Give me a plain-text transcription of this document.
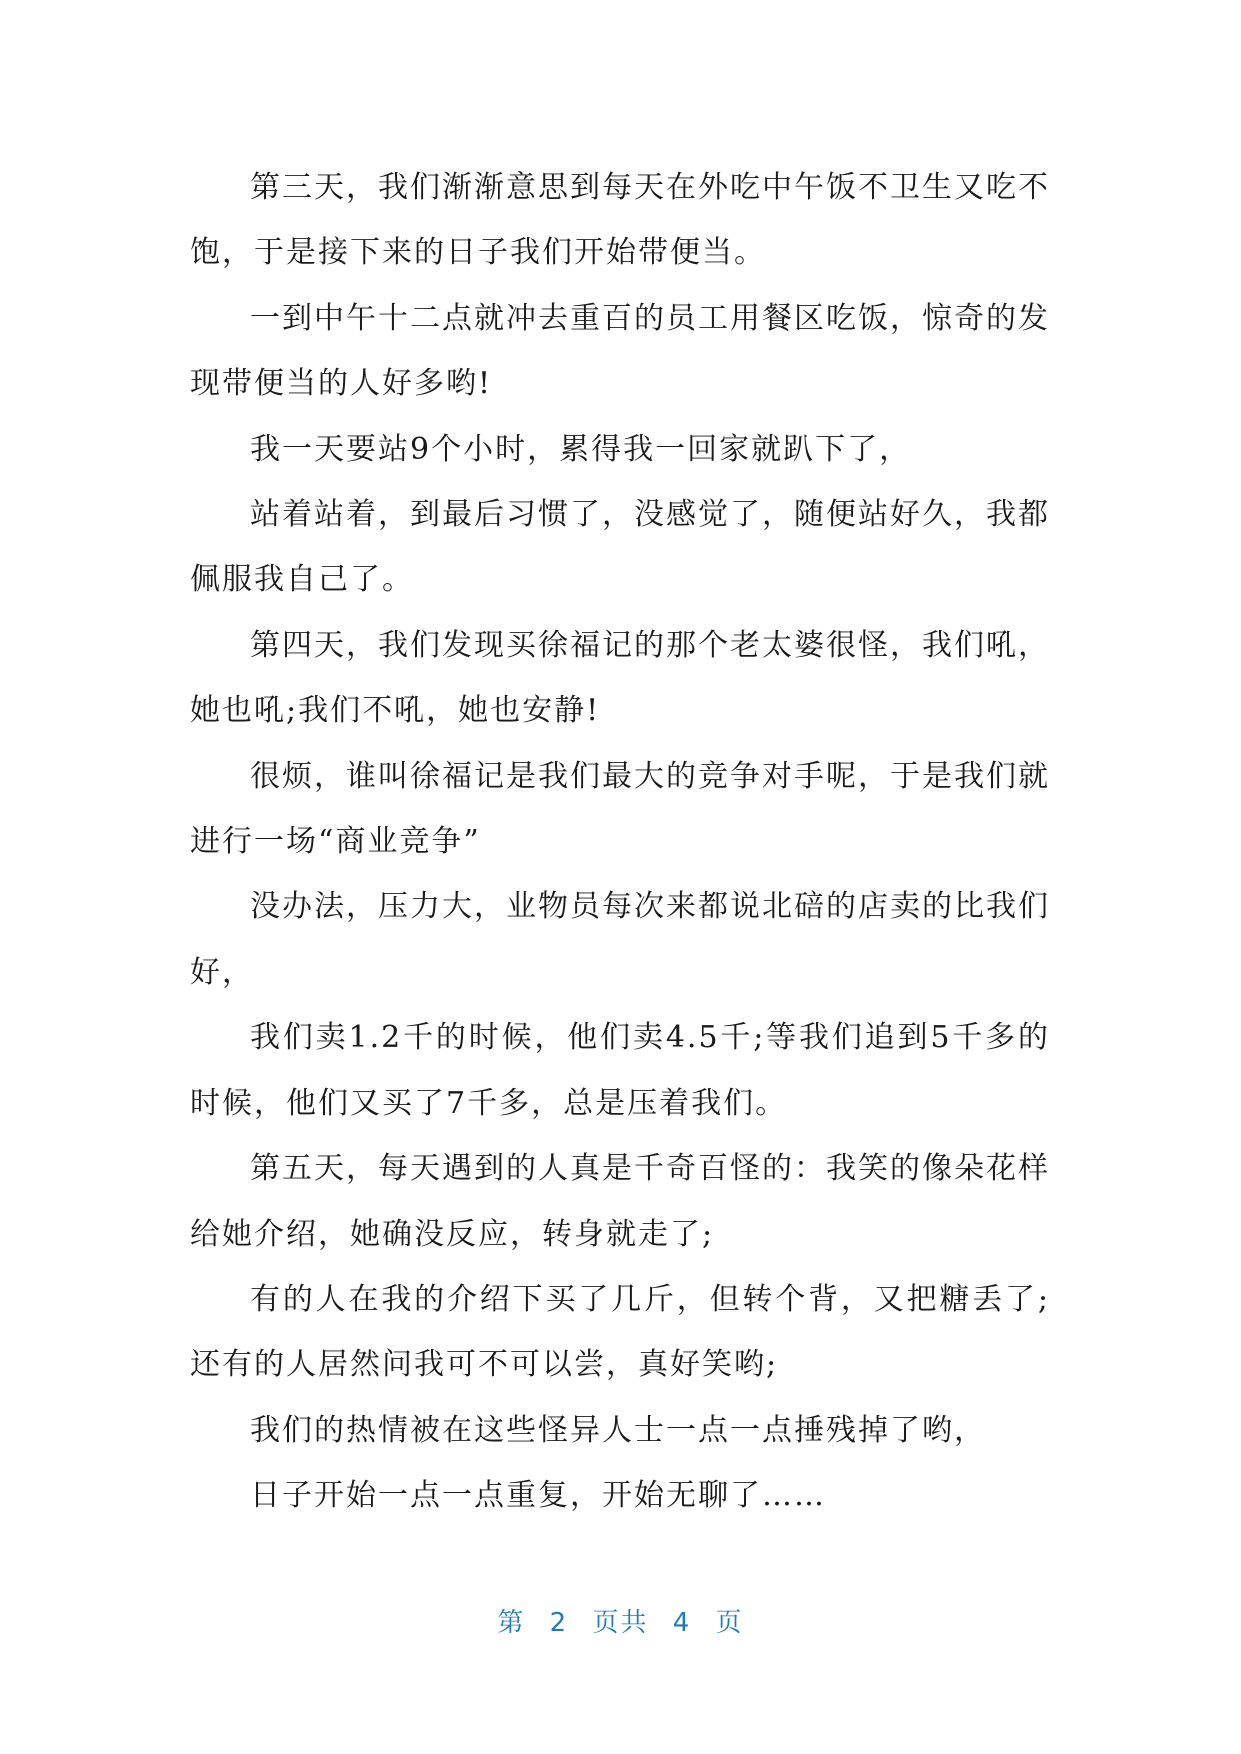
第三天，我们渐渐意思到每天在外吃中午饭不卫生又吃不饱，于是接下来的日子我们开始带便当。

一到中午十二点就冲去重百的员工用餐区吃饭，惊奇的发现带便当的人好多哟!

我一天要站9个小时，累得我一回家就趴下了，

站着站着，到最后习惯了，没感觉了，随便站好久，我都佩服我自己了。

第四天，我们发现买徐福记的那个老太婆很怪，我们吼，她也吼;我们不吼，她也安静!

很烦，谁叫徐福记是我们最大的竞争对手呢，于是我们就进行一场“商业竞争”

没办法，压力大，业物员每次来都说北碚的店卖的比我们好，

我们卖1.2千的时候，他们卖4.5千;等我们追到5千多的时候，他们又买了7千多，总是压着我们。

第五天，每天遇到的人真是千奇百怪的：我笑的像朵花样给她介绍，她确没反应，转身就走了;

有的人在我的介绍下买了几斤，但转个背，又把糖丢了;还有的人居然问我可不可以尝，真好笑哟;

我们的热情被在这些怪异人士一点一点捶残掉了哟，

日子开始一点一点重复，开始无聊了……

第 2 页共 4 页
